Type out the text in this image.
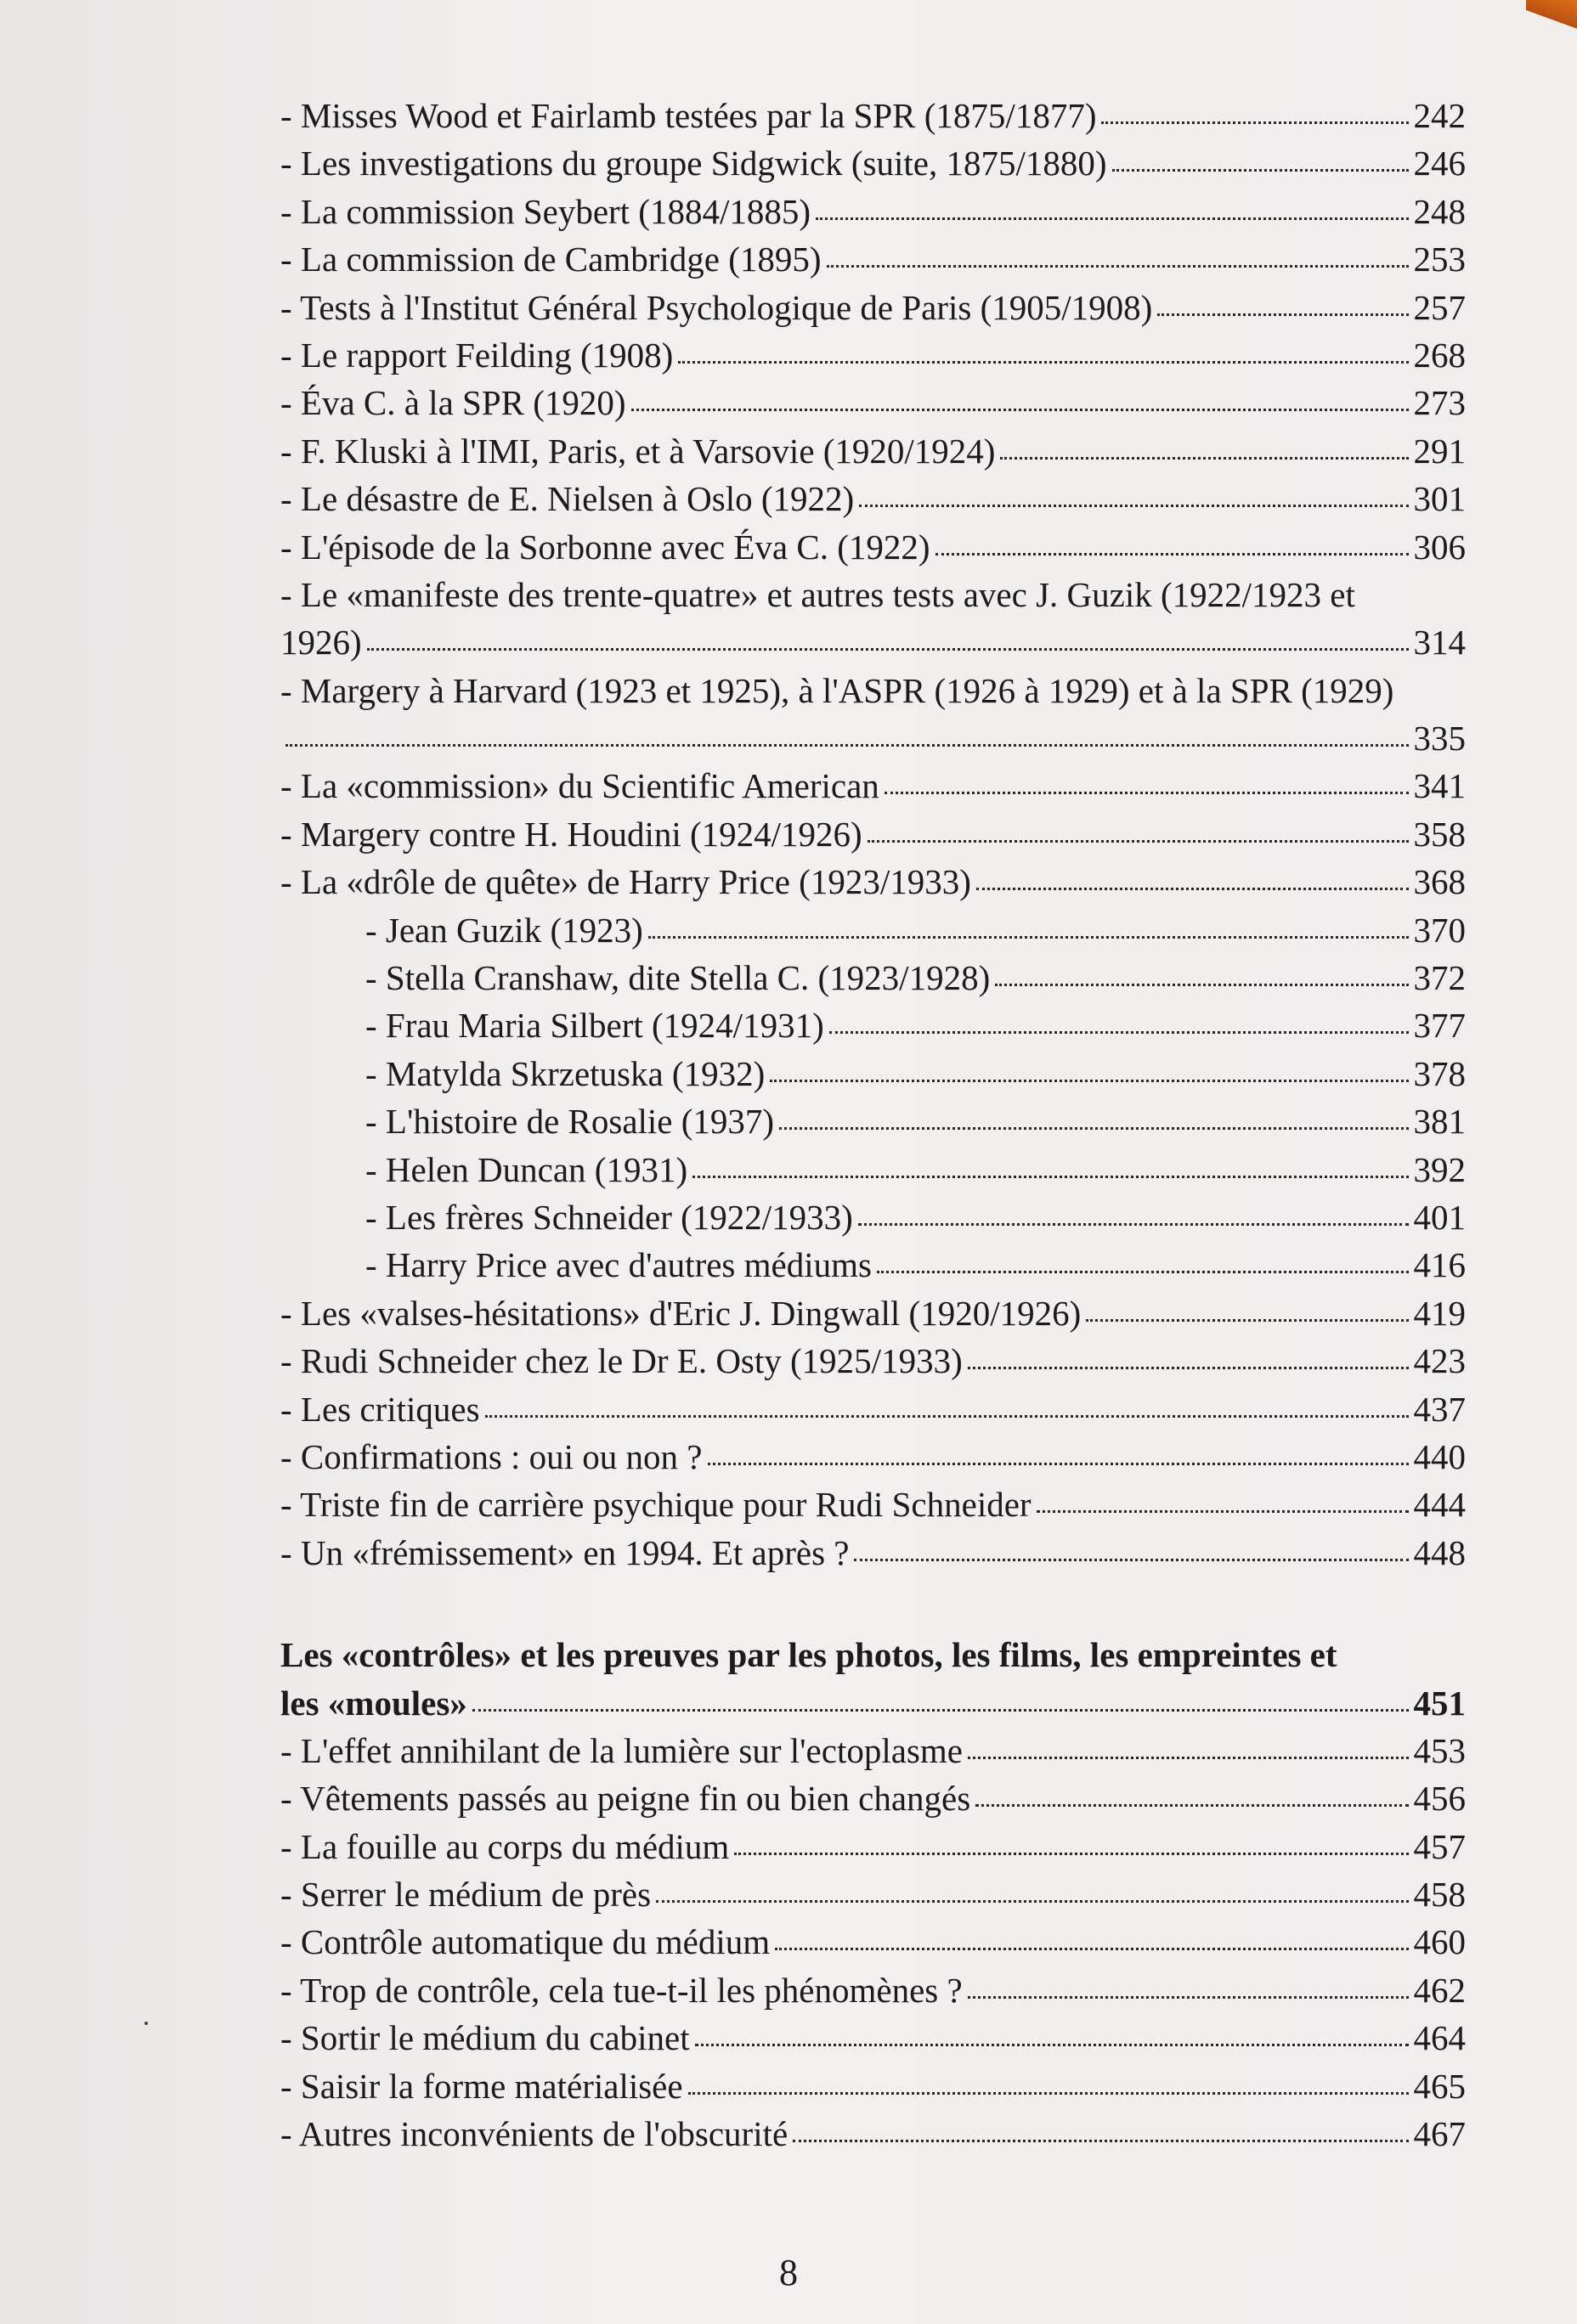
- Misses Wood et Fairlamb testées par la SPR (1875/1877)	242
- Les investigations du groupe Sidgwick (suite, 1875/1880)	246
- La commission Seybert (1884/1885)	248
- La commission de Cambridge (1895)	253
- Tests à l'Institut Général Psychologique de Paris (1905/1908)	257
- Le rapport Feilding (1908)	268
- Éva C. à la SPR (1920)	273
- F. Kluski à l'IMI, Paris, et à Varsovie (1920/1924)	291
- Le désastre de E. Nielsen à Oslo (1922)	301
- L'épisode de la Sorbonne avec Éva C. (1922)	306
- Le «manifeste des trente-quatre» et autres tests avec J. Guzik (1922/1923 et
1926)	314
- Margery à Harvard (1923 et 1925), à l'ASPR (1926 à 1929) et à la SPR (1929)
335
- La «commission» du Scientific American	341
- Margery contre H. Houdini (1924/1926)	358
- La «drôle de quête» de Harry Price (1923/1933)	368
- Jean Guzik (1923)	370
- Stella Cranshaw, dite Stella C. (1923/1928)	372
- Frau Maria Silbert (1924/1931)	377
- Matylda Skrzetuska (1932)	378
- L'histoire de Rosalie (1937)	381
- Helen Duncan (1931)	392
- Les frères Schneider (1922/1933)	401
- Harry Price avec d'autres médiums	416
- Les «valses-hésitations» d'Eric J. Dingwall (1920/1926)	419
- Rudi Schneider chez le Dr E. Osty (1925/1933)	423
- Les critiques	437
- Confirmations : oui ou non ?	440
- Triste fin de carrière psychique pour Rudi Schneider	444
- Un «frémissement» en 1994. Et après ?	448
Les «contrôles» et les preuves par les photos, les films, les empreintes et
les «moules»	451
- L'effet annihilant de la lumière sur l'ectoplasme	453
- Vêtements passés au peigne fin ou bien changés	456
- La fouille au corps du médium	457
- Serrer le médium de près	458
- Contrôle automatique du médium	460
- Trop de contrôle, cela tue-t-il les phénomènes ?	462
- Sortir le médium du cabinet	464
- Saisir la forme matérialisée	465
- Autres inconvénients de l'obscurité	467
8
